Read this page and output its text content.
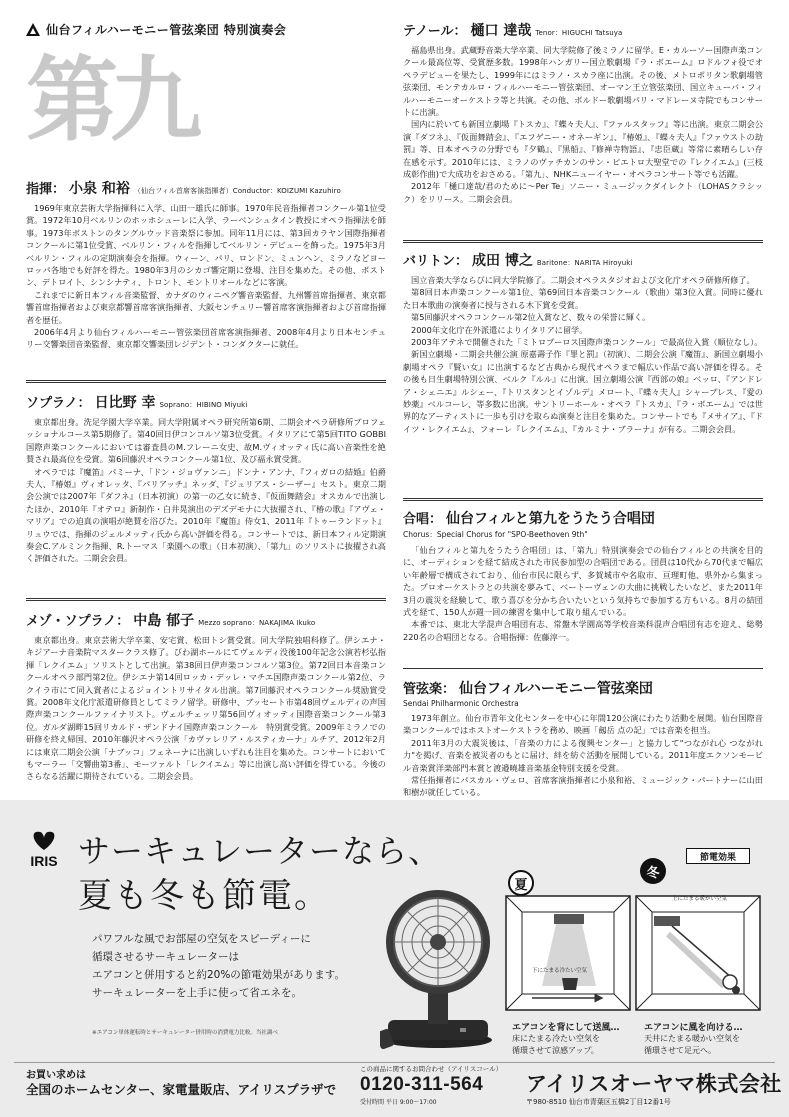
仙台フィルハーモニー管弦楽団 特別演奏会
第九
指揮： 小泉 和裕 （仙台フィル首席客演指揮者）Conductor：KOIZUMI Kazuhiro

1969年東京芸術大学指揮科に入学、山田一雄氏に師事。1970年民音指揮者コンクール第1位受賞。1972年10月ベルリンのホッホシューレに入学、ラーベンシュタイン教授にオペラ指揮法を師事。1973年ボストンのタングルウッド音楽祭に参加。同年11月には、第3回カラヤン国際指揮者コンクールに第1位受賞、ベルリン・フィルを指揮してベルリン・デビューを飾った。1975年3月ベルリン・フィルの定期演奏会を指揮。ウィーン、パリ、ロンドン、ミュンヘン、ミラノなどヨーロッパ各地でも好評を得た。1980年3月のシカゴ響定期に登場、注目を集めた。その他、ボストン、デトロイト、シンシナティ、トロント、モントリオールなどに客演。

これまでに新日本フィル音楽監督、カナダのウィニペグ響音楽監督、九州響首席指揮者、東京都響首席指揮者および東京都響首席客演指揮者、大阪センチュリー響首席客演指揮者および首席指揮者を歴任。

2006年4月より仙台フィルハーモニー管弦楽団首席客演指揮者、2008年4月より日本センチュリー交響楽団音楽監督、東京都交響楽団レジデント・コンダクターに就任。

ソプラノ： 日比野 幸 Soprano：HIBINO Miyuki

東京都出身。洗足学園大学卒業。同大学附属オペラ研究所第6期、二期会オペラ研修所プロフェッショナルコース第5期修了。第40回日伊コンコルソ第3位受賞。イタリアにて第5回TITO GOBBI国際声楽コンクールにおいては審査員のM.フレーニ女史、故M.ヴィオッティ氏に高い音楽性を絶賛され最高位を受賞。第6回藤沢オペラコンクール第1位、及び福永賞受賞。

オペラでは『魔笛』パミーナ、「ドン・ジョヴァンニ」ドンナ・アンナ、『フィガロの結婚』伯爵夫人、『椿姫』ヴィオレッタ、『パリアッチ』ネッダ、『ジュリアス・シーザー』セスト。東京二期会公演では2007年『ダフネ』（日本初演）の第一の乙女に続き、『仮面舞踏会』オスカルで出演したほか、2010年『オテロ』新制作・白井晃演出のデズデモナに大抜擢され、『椿の歌』『アヴェ・マリア』での迫真の演唱が絶賛を浴びた。2010年『魔笛』侍女1、2011年『トゥーランドット』リュウでは、指揮のジェルメッティ氏から高い評価を得る。コンサートでは、新日本フィル定期演奏会C.アルミンク指揮、R.トーマス「楽園への歌」（日本初演）、「第九」のソリストに抜擢され高く評価された。二期会会員。

メゾ・ソプラノ： 中島 郁子 Mezzo soprano：NAKAJIMA Ikuko

東京都出身。東京芸術大学卒業、安宅賞、松田トシ賞受賞。同大学院独唱科修了。伊シエナ・キジアーナ音楽院マスタークラス修了。びわ湖ホールにてヴェルディ没後100年記念公演若杉弘指揮「レクイエム」ソリストとして出演。第38回日伊声楽コンコルソ第3位。第72回日本音楽コンクールオペラ部門第2位。伊シエナ第14回ロッカ・デッレ・マチエ国際声楽コンクール第2位、ラクイラ市にて同入賞者によるジョイントリサイタル出演。第7回藤沢オペラコンクール奨励賞受賞。2008年文化庁派遣研修員としてミラノ留学。研修中、ブッセート市第48回ヴェルディの声国際声楽コンクールファイナリスト。ヴェルチェッリ第56回ヴィオッティ国際音楽コンクール第3位。ガルダ湖畔15回リカルド・ザンドナイ国際声楽コンクール　特別賞受賞。2009年ミラノでの研修を終え帰国、2010年藤沢オペラ公演「カヴァレリア・ルスティカーナ」ルチア、2012年2月には東京二期会公演「ナブッコ」フェネーナに出演しいずれも注目を集めた。コンサートにおいてもマーラー「交響曲第3番」、モーツァルト「レクイエム」等に出演し高い評価を得ている。今後のさらなる活躍に期待されている。二期会会員。

テノール： 樋口 達哉 Tenor：HIGUCHI Tatsuya

福島県出身。武蔵野音楽大学卒業、同大学院修了後ミラノに留学。E・カルーソー国際声楽コンクール最高位等、受賞歴多数。1998年ハンガリー国立歌劇場『ラ・ボエーム』ロドルフォ役でオペラデビューを果たし、1999年にはミラノ・スカラ座に出演。その後、メトロポリタン歌劇場管弦楽団、モンテカルロ・フィルハーモニー管弦楽団、オーマン王立管弦楽団、国立キューバ・フィルハーモニーオーケストラ等と共演。その他、ボルドー歌劇場パリ・マドレーヌ寺院でもコンサートに出演。

国内に於いても新国立劇場『トスカ』、『蝶々夫人』、『ファルスタッフ』等に出演。東京二期会公演『ダフネ』、『仮面舞踏会』、『エフゲニー・オネーギン』、『椿姫』、『蝶々夫人』『ファウストの劫罰』等、日本オペラの分野でも『夕鶴』、『黒船』、『修禅寺物語』、『忠臣蔵』等常に素晴らしい存在感を示す。2010年には、ミラノのヴァチカンのサン・ピエトロ大聖堂での『レクイエム』(三枝成彰作曲)で大成功をおさめる。「第九」、NHKニューイヤー・オペラコンサート等でも活躍。

2012年「樋口達哉/君のために～Per Te」ソニー・ミュージックダイレクト（LOHASクラシック）をリリース。二期会会員。

バリトン： 成田 博之 Baritone：NARITA Hiroyuki

国立音楽大学ならびに同大学院修了。二期会オペラスタジオおよび文化庁オペラ研修所修了。

第8回日本声楽コンクール第1位、第69回日本音楽コンクール（歌曲）第3位入賞。同時に優れた日本歌曲の演奏者に授与される木下賞を受賞。

第5回藤沢オペラコンクール第2位入賞など、数々の栄誉に輝く。

2000年文化庁在外派遣によりイタリアに留学。

2003年アテネで開催された「ミトロプーロス国際声楽コンクール」で最高位入賞（順位なし）。

新国立劇場・二期会共催公演 原嘉壽子作『罪と罰』（初演）、二期会公演『魔笛』、新国立劇場小劇場オペラ『賢い女』に出演するなど古典から現代オペラまで幅広い作品で高い評価を得る。その後も日生劇場特別公演、ベルク『ルル』に出演。国立劇場公演『西部の娘』ベッロ、『アンドレア・シェニエ』ルシェー、『トリスタンとイゾルデ』メロート、『蝶々夫人』シャープレス、『愛の妙薬』ベルコーレ、等多数に出演。サントリーホール・オペラ『トスカ』、『ラ・ボエーム』では世界的なアーティストに一歩も引けを取らぬ演奏と注目を集めた。コンサートでも『メサイア』、『ドイツ・レクイエム』、フォーレ『レクイエム』、『カルミナ・ブラーナ』が有る。二期会会員。

合唱： 仙台フィルと第九をうたう合唱団
Chorus：Special Chorus for "SPO-Beethoven 9th"

「仙台フィルと第九をうたう合唱団」は、「第九」特別演奏会での仙台フィルとの共演を目的に、オーディションを経て結成された市民参加型の合唱団である。団員は10代から70代まで幅広い年齢層で構成されており、仙台市民に限らず、多賀城市や名取市、亘理町他、県外から集まった。プロオーケストラとの共演を夢みて、ベートーヴェンの大曲に挑戦したいなど、また2011年3月の震災を経験して、歌う喜びを分かち合いたいという気持ちで参加する方もいる。8月の結団式を経て、150人が週一回の練習を集中して取り組んでいる。

本番では、東北大学混声合唱団有志、常盤木学園高等学校音楽科混声合唱団有志を迎え、総勢220名の合唱団となる。合唱指揮：佐藤淳一。

管弦楽： 仙台フィルハーモニー管弦楽団
Sendai Philharmonic Orchestra

1973年創立。仙台市青年文化センターを中心に年間120公演にわたり活動を展開。仙台国際音楽コンクールではホストオーケストラを務め、映画「劔岳 点の記」では音楽を担当。

2011年3月の大震災後は、「音楽の力による復興センター」と協力して"つながれ心 つながれ力"を掲げ、音楽を被災者のもとに届け、絆を紡ぐ活動を展開している。2011年度エクソンモービル音楽賞洋楽部門本賞と渡邉曉雄音楽基金特別支援を受賞。

常任指揮者にパスカル・ヴェロ、首席客演指揮者に小泉和裕、ミュージック・パートナーに山田和樹が就任している。

IRIS サーキュレーターなら、
夏も冬も節電。
パワフルな風でお部屋の空気をスピーディーに
循環させるサーキュレーターは
エアコンと併用すると約20%の節電効果があります。
サーキュレーターを上手に使って省エネを。
※エアコン単体運転時とサーキュレーター併用時の消費電力比較。当社調べ
夏
冬
節電効果
下にたまる冷たい空気
上にたまる暖かい空気
エアコンを背にして送風…
床にたまる冷たい空気を
循環させて涼感アップ。
エアコンに風を向ける…
天井にたまる暖かい空気を
循環させて足元へ。
お買い求めは
全国のホームセンター、家電量販店、アイリスプラザで
この商品に関するお問合わせ（アイリスコール）
0120-311-564
受付時間 平日 9:00～17:00
アイリスオーヤマ株式会社
〒980-8510 仙台市青葉区五橋2丁目12番1号
